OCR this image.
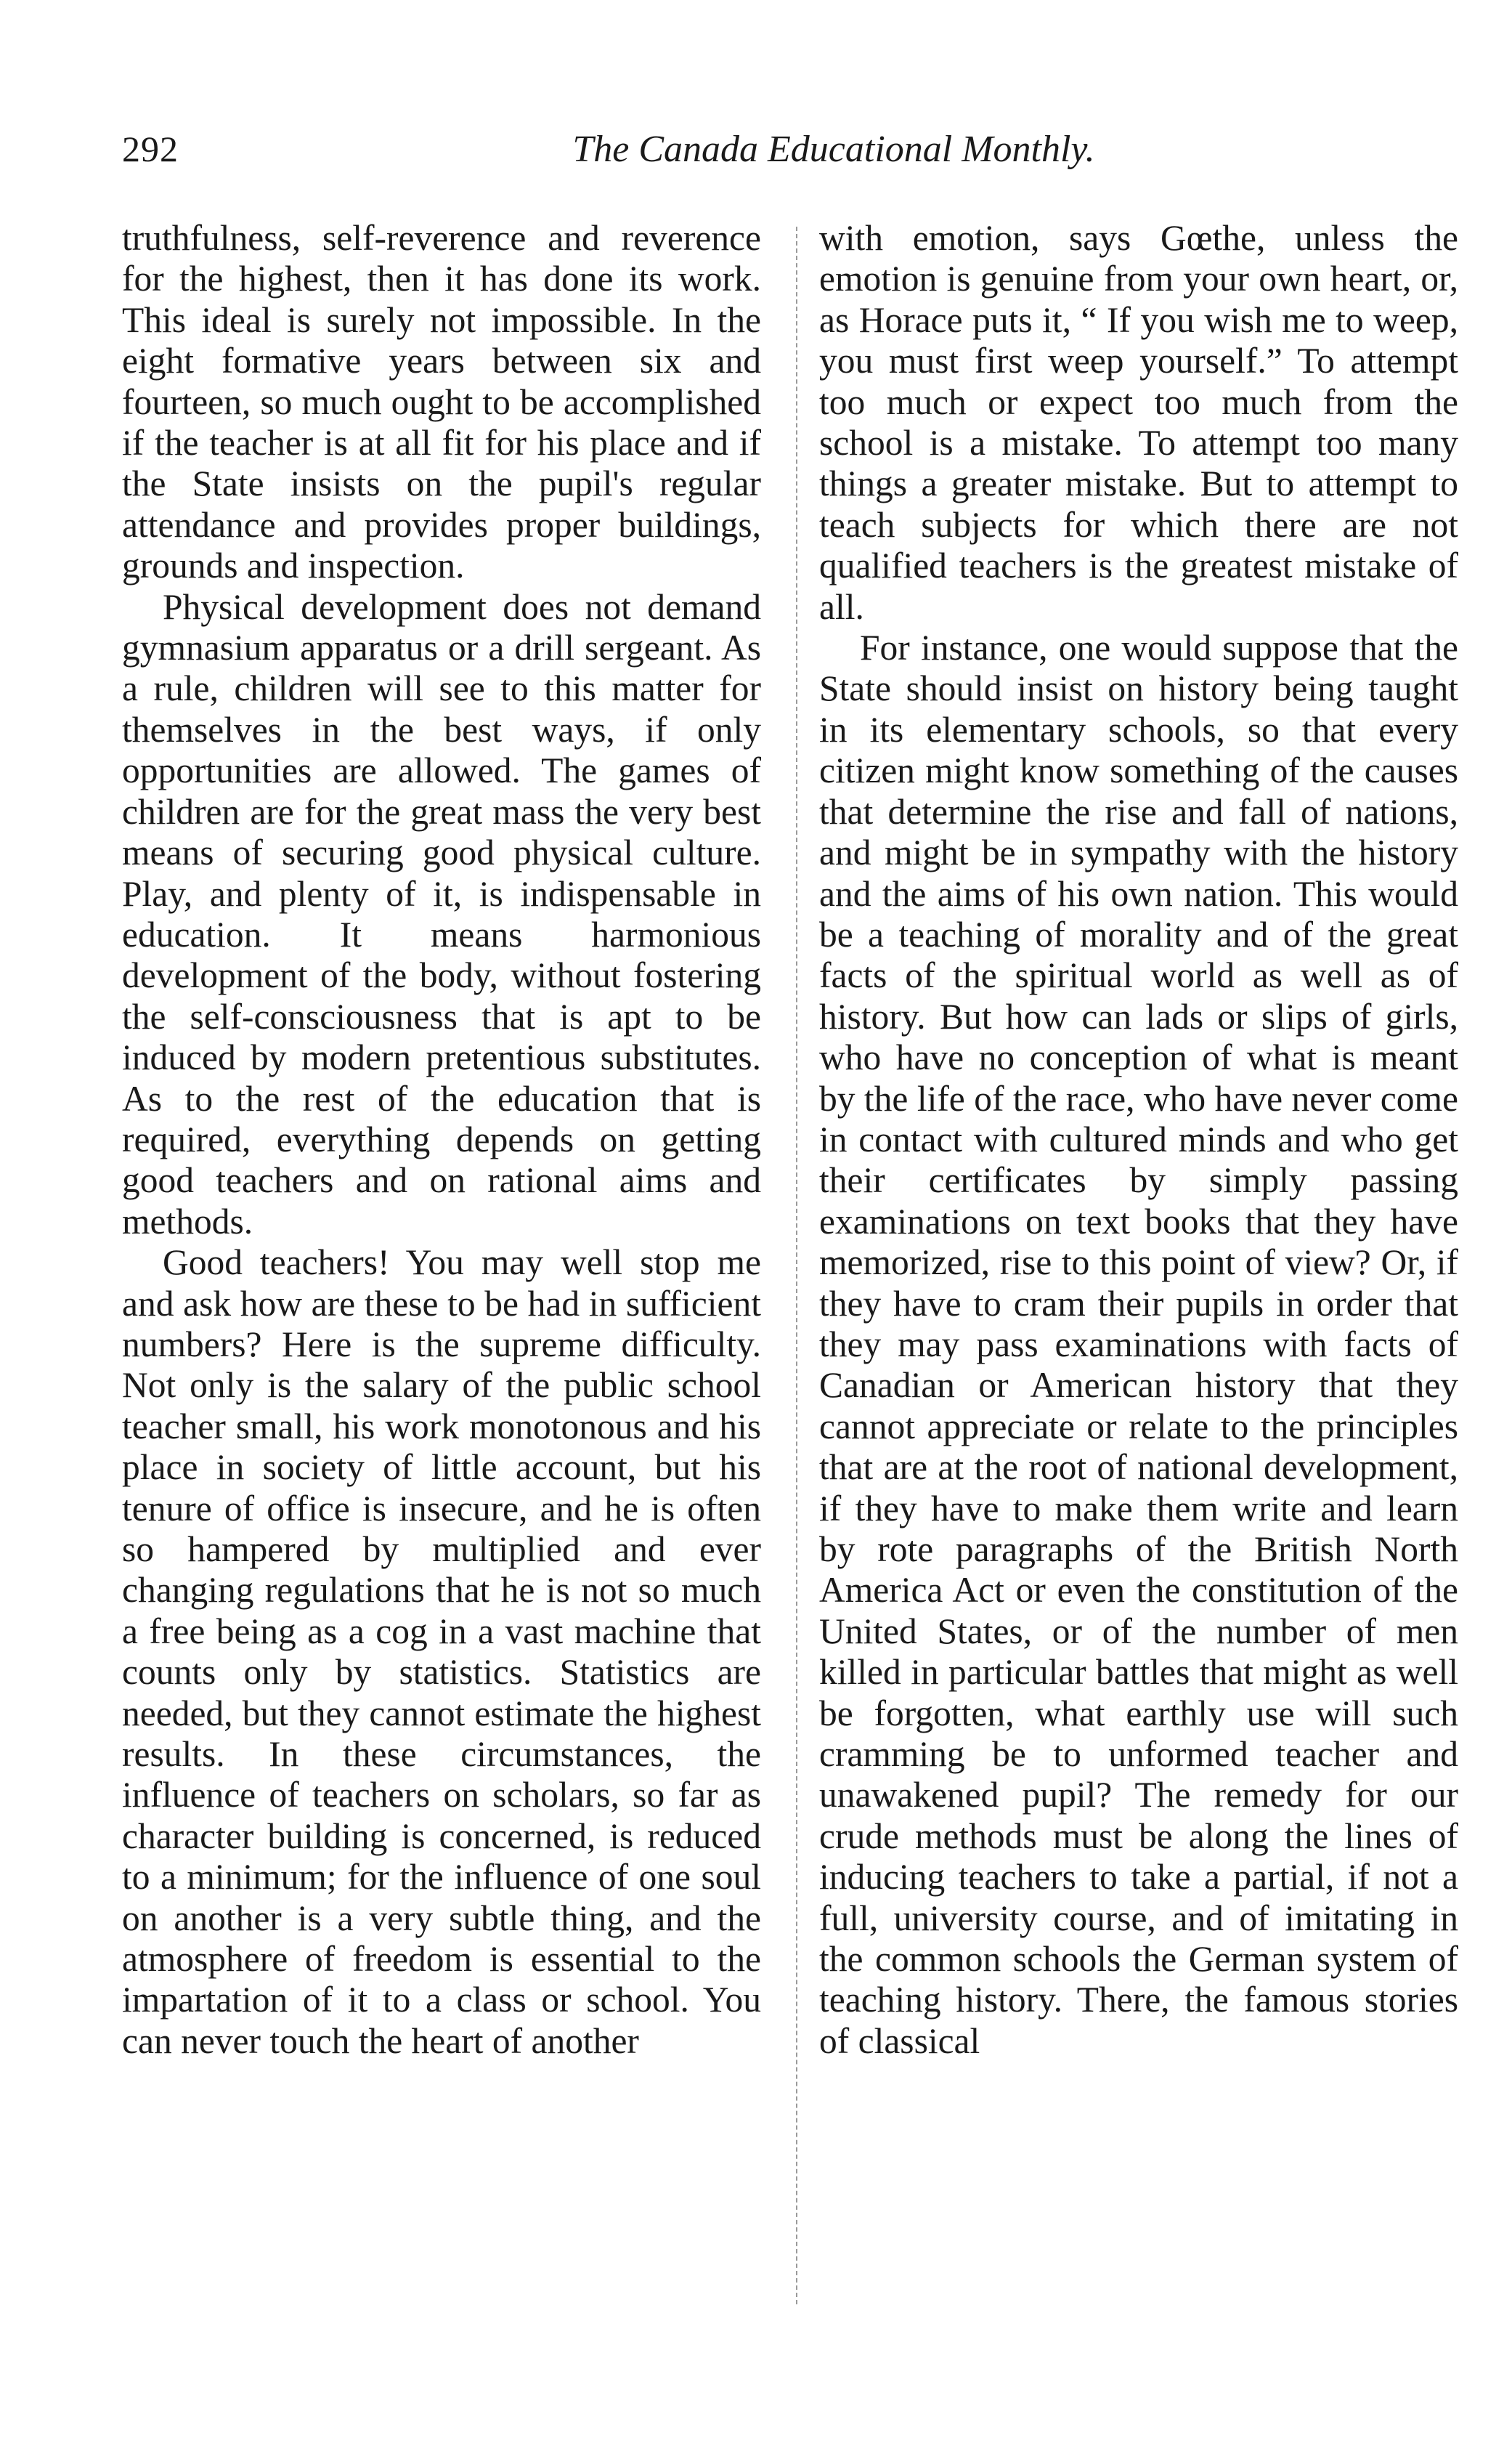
292	The Canada Educational Monthly.

truthfulness, self-reverence and reverence for the highest, then it has done its work. This ideal is surely not impossible. In the eight formative years between six and fourteen, so much ought to be accomplished if the teacher is at all fit for his place and if the State insists on the pupil's regular attendance and provides proper buildings, grounds and inspection.

Physical development does not demand gymnasium apparatus or a drill sergeant. As a rule, children will see to this matter for themselves in the best ways, if only opportunities are allowed. The games of children are for the great mass the very best means of securing good physical culture. Play, and plenty of it, is indispensable in education. It means harmonious development of the body, without fostering the self-consciousness that is apt to be induced by modern pretentious substitutes. As to the rest of the education that is required, everything depends on getting good teachers and on rational aims and methods.

Good teachers! You may well stop me and ask how are these to be had in sufficient numbers? Here is the supreme difficulty. Not only is the salary of the public school teacher small, his work monotonous and his place in society of little account, but his tenure of office is insecure, and he is often so hampered by multiplied and ever changing regulations that he is not so much a free being as a cog in a vast machine that counts only by statistics. Statistics are needed, but they cannot estimate the highest results. In these circumstances, the influence of teachers on scholars, so far as character building is concerned, is reduced to a minimum; for the influence of one soul on another is a very subtle thing, and the atmosphere of freedom is essential to the impartation of it to a class or school. You can never touch the heart of another

with emotion, says Gœthe, unless the emotion is genuine from your own heart, or, as Horace puts it, “ If you wish me to weep, you must first weep yourself.” To attempt too much or expect too much from the school is a mistake. To attempt too many things a greater mistake. But to attempt to teach subjects for which there are not qualified teachers is the greatest mistake of all.

For instance, one would suppose that the State should insist on history being taught in its elementary schools, so that every citizen might know something of the causes that determine the rise and fall of nations, and might be in sympathy with the history and the aims of his own nation. This would be a teaching of morality and of the great facts of the spiritual world as well as of history. But how can lads or slips of girls, who have no conception of what is meant by the life of the race, who have never come in contact with cultured minds and who get their certificates by simply passing examinations on text books that they have memorized, rise to this point of view? Or, if they have to cram their pupils in order that they may pass examinations with facts of Canadian or American history that they cannot appreciate or relate to the principles that are at the root of national development, if they have to make them write and learn by rote paragraphs of the British North America Act or even the constitution of the United States, or of the number of men killed in particular battles that might as well be forgotten, what earthly use will such cramming be to unformed teacher and unawakened pupil? The remedy for our crude methods must be along the lines of inducing teachers to take a partial, if not a full, university course, and of imitating in the common schools the German system of teaching history. There, the famous stories of classical
